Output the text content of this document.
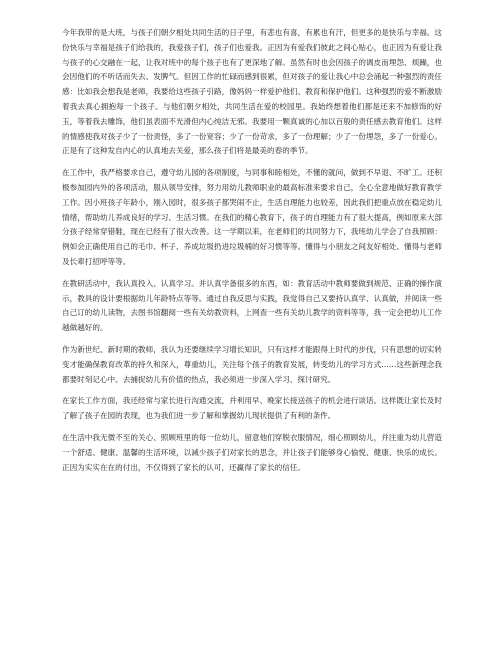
今年我带的是大班，与孩子们朝夕相处共同生活的日子里，有悲也有喜，有累也有汗，但更多的是快乐与幸福。这份快乐与幸福是孩子们给我的，我爱孩子们，孩子们也爱我。正因为有爱我们彼此之间心贴心，也正因为有爱让我与孩子的心交融在一起，让我对班中的每个孩子也有了更深地了解。虽然有时也会因孩子的调皮而埋怨、烦躁，也会因他们的不听话而失去、发脾气。但因工作的忙碌而感到很累，但对孩子的爱让我心中总会涌起一种强烈的责任感：比如我会想我是老师，我要给这些孩子引路，像妈妈一样爱护他们、教育和保护他们。这种强烈的爱不断激励着我去真心拥抱每一个孩子。与他们朝夕相处，共同生活在爱的校园里。我始终想着他们都是还来不加修饰的好玉，等着我去雕饰，他们虽表面不光滑但内心纯洁无邪。我要用一颗真诚的心加以百般的责任感去教育他们。这样的情感使我对孩子少了一份责怪，多了一份宽容；少了一份苛求，多了一份理解；少了一份埋怨，多了一份爱心。正是有了这种发自内心的认真地去关爱，那么孩子们将是最美的春的季节。

在工作中，我严格要求自己，遵守幼儿园的各项制度，与同事和睦相处，不懂的就问，做到不早退、不旷工。还积极参加园内外的各项活动，服从领导安排，努力用幼儿教师职业的最高标准来要求自己，全心全意地做好教育教学工作。因小班孩子年龄小，刚入园时，很多孩子都哭闹不止，生活自理能力也较差，因此我们把重点放在稳定幼儿情绪，帮助幼儿养成良好的学习、生活习惯。在我们的精心教育下，孩子的自理能力有了很大提高，例如原来大部分孩子经常穿错鞋，现在已经有了很大改善。这一学期以来，在老师们的共同努力下，我班幼儿学会了自我照顾：例如会正确使用自己的毛巾、杯子、养成垃圾扔进垃圾桶的好习惯等等。懂得与小朋友之间友好相处、懂得与老师及长辈打招呼等等。

在教研活动中，我认真投入、认真学习。并认真学备很多的东西，如：教育活动中教师要做到规范、正确的操作演示，教具的设计要根据幼儿年龄特点等等。通过自我反思与实践，我觉得自己又要持认真学、认真做，并阅读一些自己订的幼儿读物，去图书馆翻阅一些有关幼教资料，上网查一些有关幼儿教学的资料等等，我一定会把幼儿工作越做越好的。

作为新世纪、新时期的教师，我认为还要继续学习增长知识，只有这样才能跟得上时代的步伐，只有思想的切实转变才能确保教育改革的持久和深入，尊重幼儿，关注每个孩子的教育发展，转变幼儿的学习方式……这些新理念我都要时刻记心中。去捕捉幼儿有价值的热点，我必须进一步深入学习、探讨研究。

在家长工作方面，我还经常与家长进行沟通交流，并利用早、晚家长接送孩子的机会进行谈话。这样既让家长及时了解了孩子在园的表现，也为我们进一步了解和掌握幼儿现状提供了有利的条件。

在生活中我无微不至的关心、照顾班里的每一位幼儿，留意他们穿脱衣服情况，细心照顾幼儿，并注重为幼儿营造一个舒适、健康、温馨的生活环境，以减少孩子们对家长的思念，并让孩子们能够身心愉悦、健康、快乐的成长。正因为实实在在的付出，不仅得到了家长的认可，还赢得了家长的信任。
